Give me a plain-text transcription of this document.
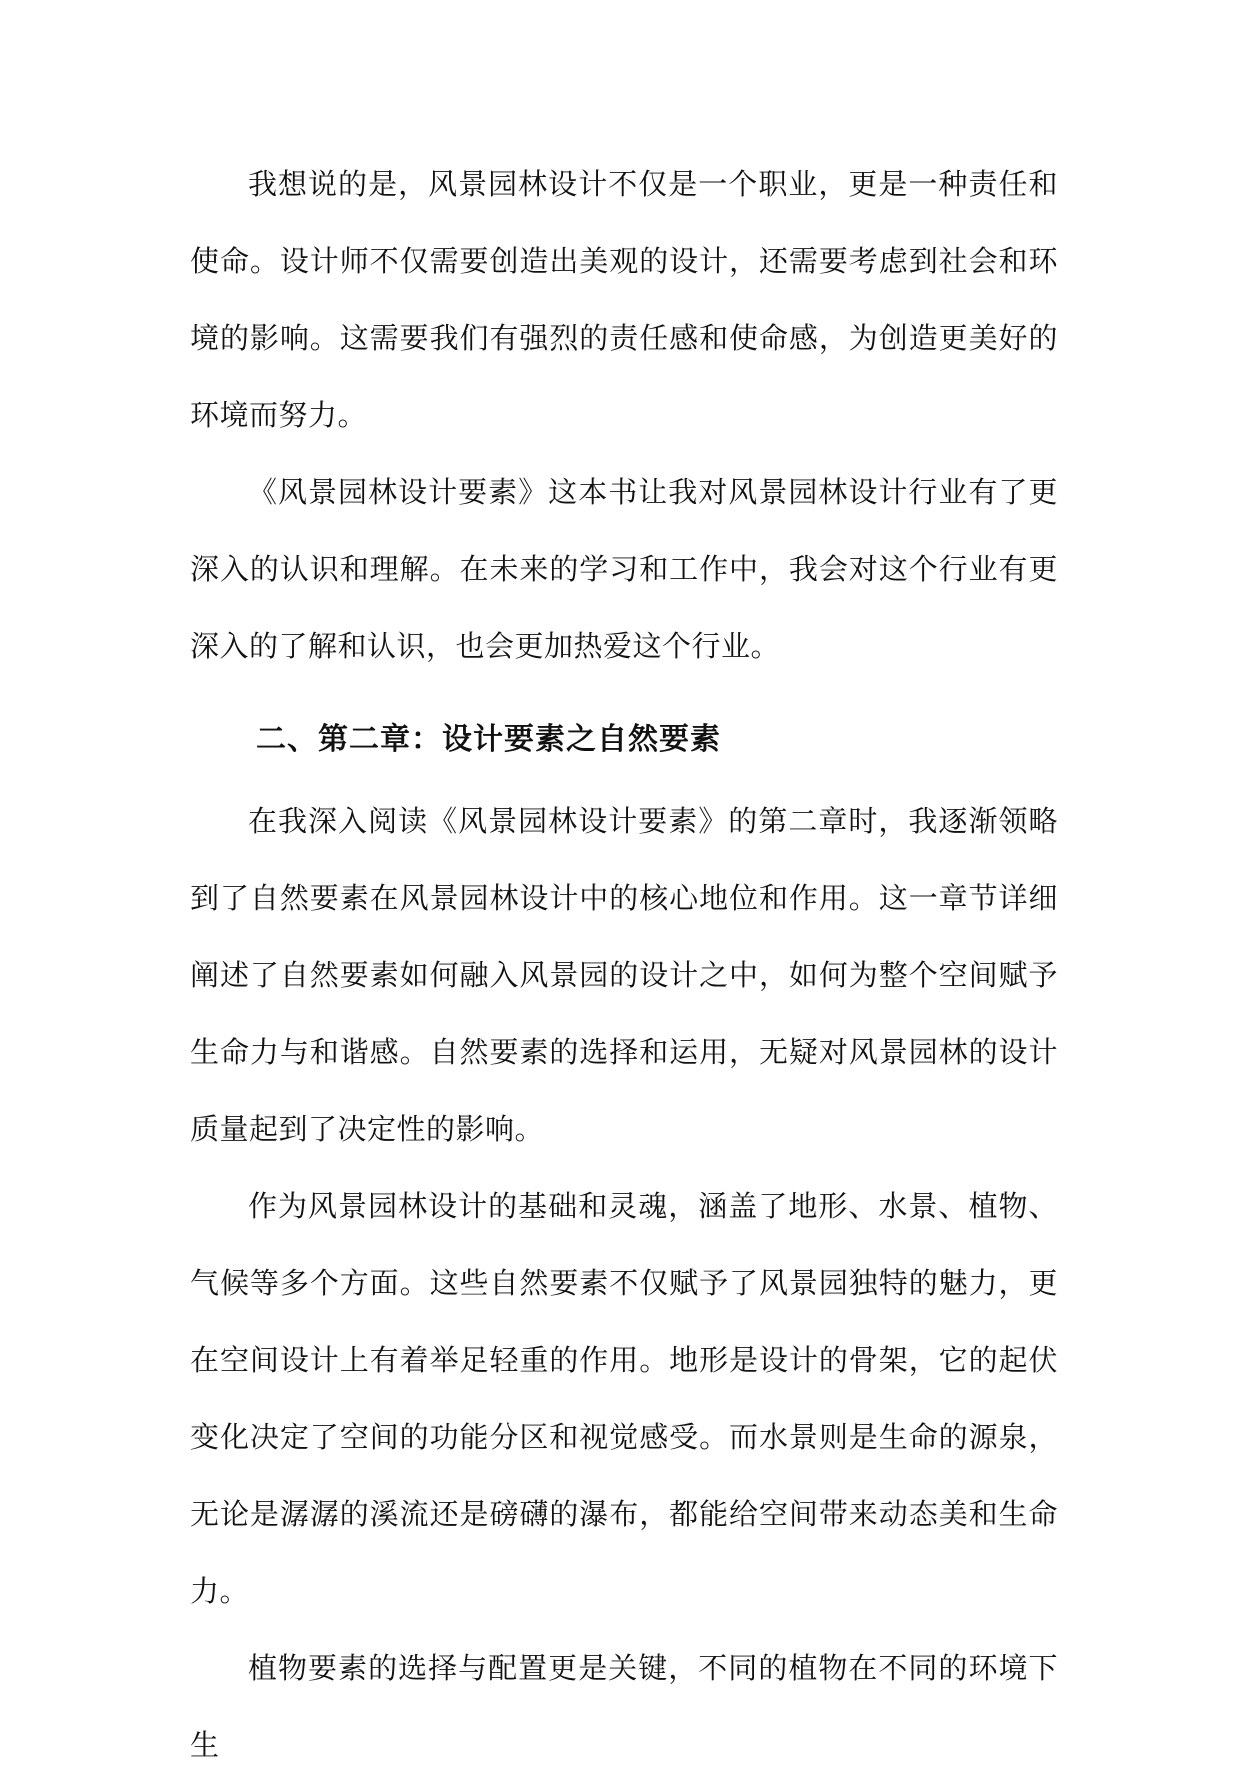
我想说的是，风景园林设计不仅是一个职业，更是一种责任和使命。设计师不仅需要创造出美观的设计，还需要考虑到社会和环境的影响。这需要我们有强烈的责任感和使命感，为创造更美好的环境而努力。

《风景园林设计要素》这本书让我对风景园林设计行业有了更深入的认识和理解。在未来的学习和工作中，我会对这个行业有更深入的了解和认识，也会更加热爱这个行业。

二、第二章：设计要素之自然要素

在我深入阅读《风景园林设计要素》的第二章时，我逐渐领略到了自然要素在风景园林设计中的核心地位和作用。这一章节详细阐述了自然要素如何融入风景园的设计之中，如何为整个空间赋予生命力与和谐感。自然要素的选择和运用，无疑对风景园林的设计质量起到了决定性的影响。

作为风景园林设计的基础和灵魂，涵盖了地形、水景、植物、气候等多个方面。这些自然要素不仅赋予了风景园独特的魅力，更在空间设计上有着举足轻重的作用。地形是设计的骨架，它的起伏变化决定了空间的功能分区和视觉感受。而水景则是生命的源泉，无论是潺潺的溪流还是磅礴的瀑布，都能给空间带来动态美和生命力。

植物要素的选择与配置更是关键，不同的植物在不同的环境下生
